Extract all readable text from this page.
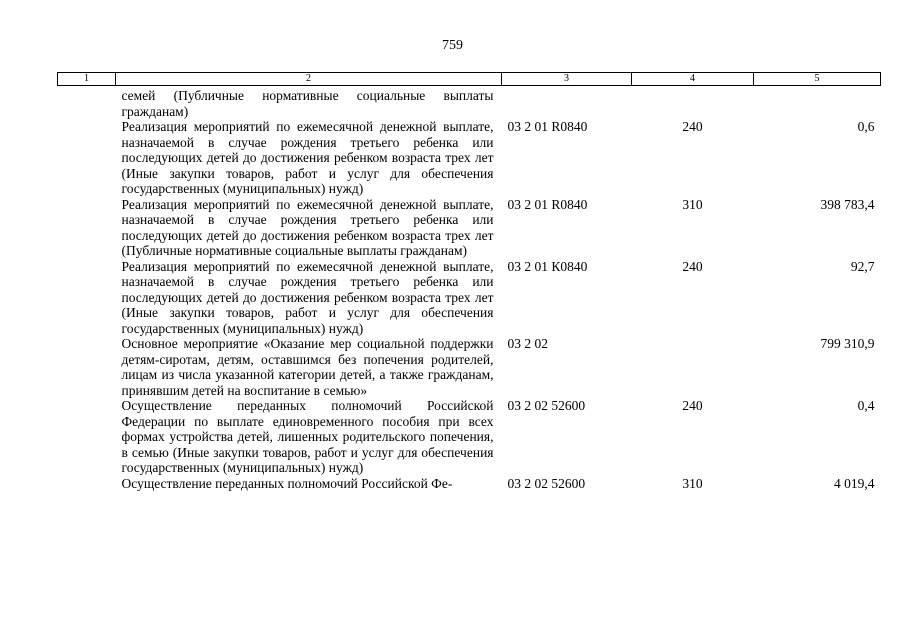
759
1	2	3	4	5
	семей (Публичные нормативные социальные выплаты гражданам)			
	Реализация мероприятий по ежемесячной денежной выплате, назначаемой в случае рождения третьего ребенка или последующих детей до достижения ребенком возраста трех лет (Иные закупки товаров, работ и услуг для обеспечения государственных (муниципальных) нужд)	03 2 01 R0840	240	0,6
	Реализация мероприятий по ежемесячной денежной выплате, назначаемой в случае рождения третьего ребенка или последующих детей до достижения ребенком возраста трех лет (Публичные нормативные социальные выплаты гражданам)	03 2 01 R0840	310	398 783,4
	Реализация мероприятий по ежемесячной денежной выплате, назначаемой в случае рождения третьего ребенка или последующих детей до достижения ребенком возраста трех лет (Иные закупки товаров, работ и услуг для обеспечения государственных (муниципальных) нужд)	03 2 01 К0840	240	92,7
	Основное мероприятие «Оказание мер социальной поддержки детям-сиротам, детям, оставшимся без попечения родителей, лицам из числа указанной категории детей, а также гражданам, принявшим детей на воспитание в семью»	03 2 02		799 310,9
	Осуществление переданных полномочий Российской Федерации по выплате единовременного пособия при всех формах устройства детей, лишенных родительского попечения, в семью (Иные закупки товаров, работ и услуг для обеспечения государственных (муниципальных) нужд)	03 2 02 52600	240	0,4
	Осуществление переданных полномочий Российской Фе-	03 2 02 52600	310	4 019,4
